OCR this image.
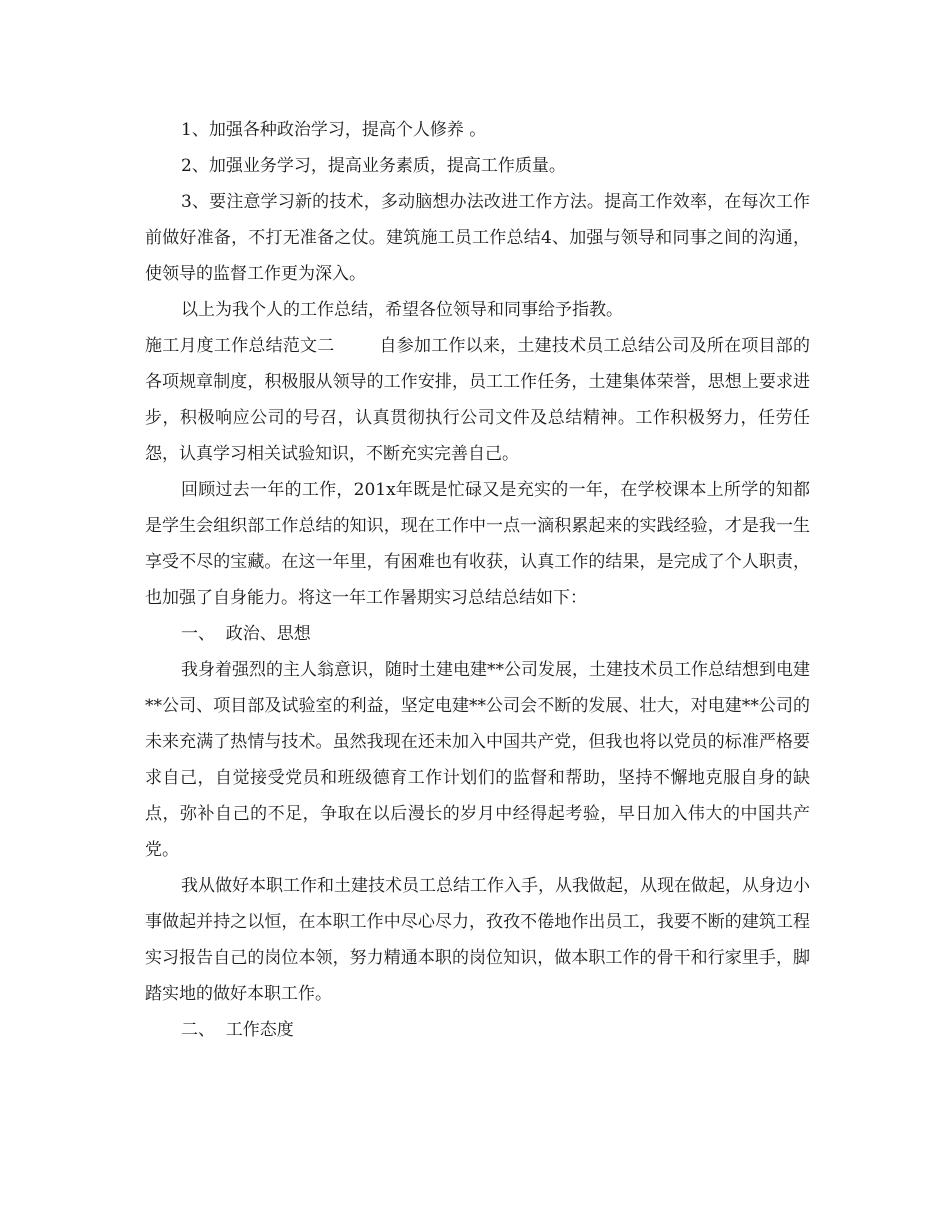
1、加强各种政治学习，提高个人修养 。

2、加强业务学习，提高业务素质，提高工作质量。

3、要注意学习新的技术，多动脑想办法改进工作方法。提高工作效率，在每次工作前做好准备，不打无准备之仗。建筑施工员工作总结4、加强与领导和同事之间的沟通，使领导的监督工作更为深入。

以上为我个人的工作总结，希望各位领导和同事给予指教。

施工月度工作总结范文二        自参加工作以来，土建技术员工总结公司及所在项目部的各项规章制度，积极服从领导的工作安排，员工工作任务，土建集体荣誉，思想上要求进步，积极响应公司的号召，认真贯彻执行公司文件及总结精神。工作积极努力，任劳任怨，认真学习相关试验知识，不断充实完善自己。

回顾过去一年的工作，201x年既是忙碌又是充实的一年，在学校课本上所学的知都是学生会组织部工作总结的知识，现在工作中一点一滴积累起来的实践经验，才是我一生享受不尽的宝藏。在这一年里，有困难也有收获，认真工作的结果，是完成了个人职责，也加强了自身能力。将这一年工作暑期实习总结总结如下：

一、  政治、思想

我身着强烈的主人翁意识，随时土建电建**公司发展，土建技术员工作总结想到电建**公司、项目部及试验室的利益，坚定电建**公司会不断的发展、壮大，对电建**公司的未来充满了热情与技术。虽然我现在还未加入中国共产党，但我也将以党员的标准严格要求自己，自觉接受党员和班级德育工作计划们的监督和帮助，坚持不懈地克服自身的缺点，弥补自己的不足，争取在以后漫长的岁月中经得起考验，早日加入伟大的中国共产党。

我从做好本职工作和土建技术员工总结工作入手，从我做起，从现在做起，从身边小事做起并持之以恒，在本职工作中尽心尽力，孜孜不倦地作出员工，我要不断的建筑工程实习报告自己的岗位本领，努力精通本职的岗位知识，做本职工作的骨干和行家里手，脚踏实地的做好本职工作。

二、  工作态度
